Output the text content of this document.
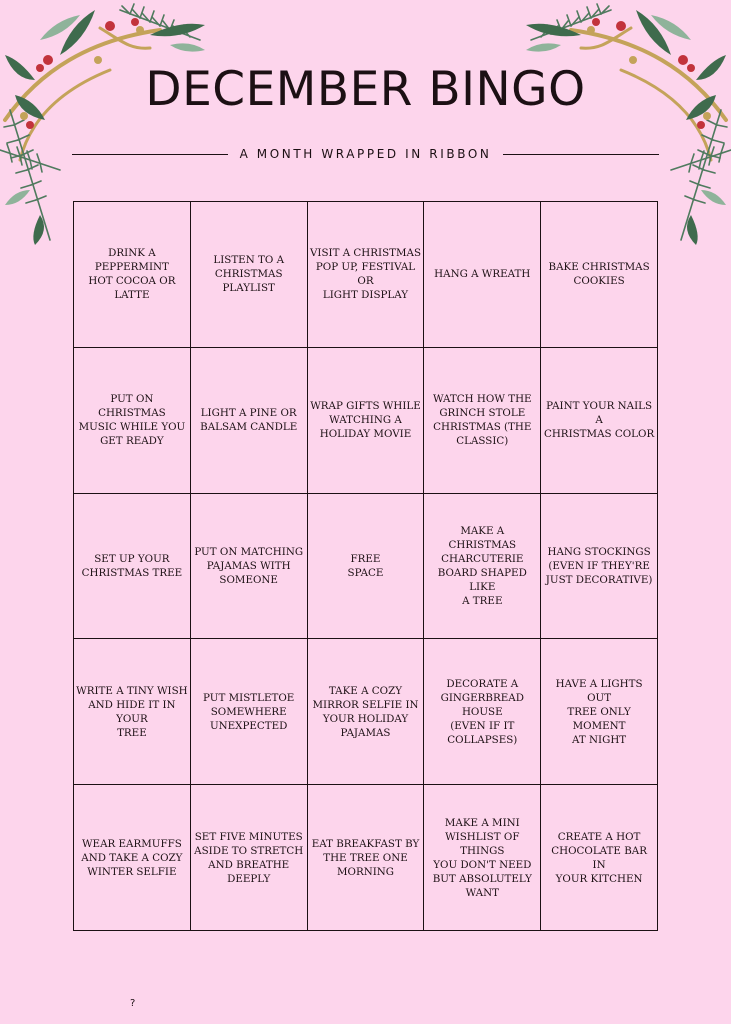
DECEMBER BINGO
A MONTH WRAPPED IN RIBBON
DRINK A PEPPERMINT
HOT COCOA OR
LATTE
LISTEN TO A
CHRISTMAS
PLAYLIST
VISIT A CHRISTMAS
POP UP, FESTIVAL OR
LIGHT DISPLAY
HANG A WREATH
BAKE CHRISTMAS
COOKIES
PUT ON CHRISTMAS
MUSIC WHILE YOU
GET READY
LIGHT A PINE OR
BALSAM CANDLE
WRAP GIFTS WHILE
WATCHING A
HOLIDAY MOVIE
WATCH HOW THE
GRINCH STOLE
CHRISTMAS (THE
CLASSIC)
PAINT YOUR NAILS A
CHRISTMAS COLOR
SET UP YOUR
CHRISTMAS TREE
PUT ON MATCHING
PAJAMAS WITH
SOMEONE
FREE
SPACE
MAKE A CHRISTMAS
CHARCUTERIE
BOARD SHAPED LIKE
A TREE
HANG STOCKINGS
(EVEN IF THEY'RE
JUST DECORATIVE)
WRITE A TINY WISH
AND HIDE IT IN YOUR
TREE
PUT MISTLETOE
SOMEWHERE
UNEXPECTED
TAKE A COZY
MIRROR SELFIE IN
YOUR HOLIDAY
PAJAMAS
DECORATE A
GINGERBREAD HOUSE
(EVEN IF IT
COLLAPSES)
HAVE A LIGHTS OUT
TREE ONLY MOMENT
AT NIGHT
WEAR EARMUFFS
AND TAKE A COZY
WINTER SELFIE
SET FIVE MINUTES
ASIDE TO STRETCH
AND BREATHE
DEEPLY
EAT BREAKFAST BY
THE TREE ONE
MORNING
MAKE A MINI
WISHLIST OF THINGS
YOU DON'T NEED
BUT ABSOLUTELY
WANT
CREATE A HOT
CHOCOLATE BAR IN
YOUR KITCHEN
?
